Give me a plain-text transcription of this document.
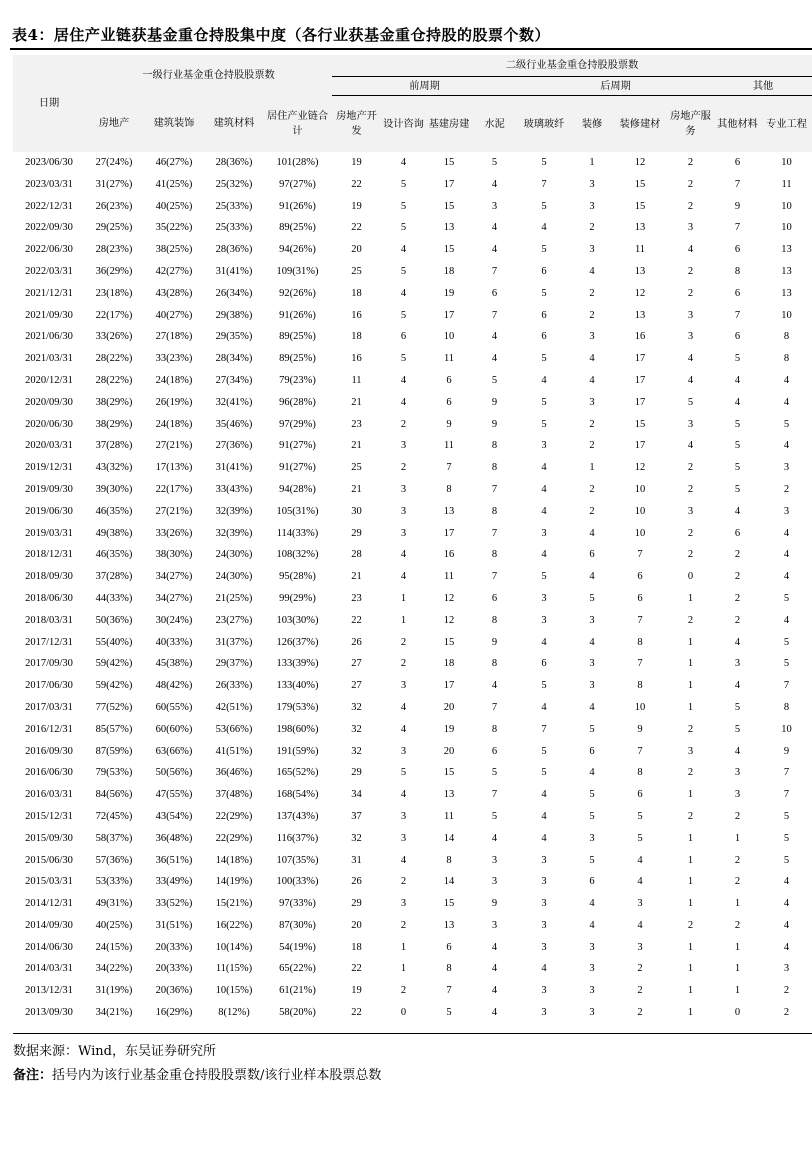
表4：居住产业链获基金重仓持股集中度（各行业获基金重仓持股的股票个数）
日期	一级行业基金重仓持股股票数				二级行业基金重仓持股股票数									
					前周期				后周期				其他	
	房地产	建筑装饰	建筑材料	居住产业链合计	房地产开发	设计咨询	基建房建	水泥	玻璃玻纤	装修	装修建材	房地产服务	其他材料	专业工程
2023/06/30	27(24%)	46(27%)	28(36%)	101(28%)	19	4	15	5	5	1	12	2	6	10
2023/03/31	31(27%)	41(25%)	25(32%)	97(27%)	22	5	17	4	7	3	15	2	7	11
2022/12/31	26(23%)	40(25%)	25(33%)	91(26%)	19	5	15	3	5	3	15	2	9	10
2022/09/30	29(25%)	35(22%)	25(33%)	89(25%)	22	5	13	4	4	2	13	3	7	10
2022/06/30	28(23%)	38(25%)	28(36%)	94(26%)	20	4	15	4	5	3	11	4	6	13
2022/03/31	36(29%)	42(27%)	31(41%)	109(31%)	25	5	18	7	6	4	13	2	8	13
2021/12/31	23(18%)	43(28%)	26(34%)	92(26%)	18	4	19	6	5	2	12	2	6	13
2021/09/30	22(17%)	40(27%)	29(38%)	91(26%)	16	5	17	7	6	2	13	3	7	10
2021/06/30	33(26%)	27(18%)	29(35%)	89(25%)	18	6	10	4	6	3	16	3	6	8
2021/03/31	28(22%)	33(23%)	28(34%)	89(25%)	16	5	11	4	5	4	17	4	5	8
2020/12/31	28(22%)	24(18%)	27(34%)	79(23%)	11	4	6	5	4	4	17	4	4	4
2020/09/30	38(29%)	26(19%)	32(41%)	96(28%)	21	4	6	9	5	3	17	5	4	4
2020/06/30	38(29%)	24(18%)	35(46%)	97(29%)	23	2	9	9	5	2	15	3	5	5
2020/03/31	37(28%)	27(21%)	27(36%)	91(27%)	21	3	11	8	3	2	17	4	5	4
2019/12/31	43(32%)	17(13%)	31(41%)	91(27%)	25	2	7	8	4	1	12	2	5	3
2019/09/30	39(30%)	22(17%)	33(43%)	94(28%)	21	3	8	7	4	2	10	2	5	2
2019/06/30	46(35%)	27(21%)	32(39%)	105(31%)	30	3	13	8	4	2	10	3	4	3
2019/03/31	49(38%)	33(26%)	32(39%)	114(33%)	29	3	17	7	3	4	10	2	6	4
2018/12/31	46(35%)	38(30%)	24(30%)	108(32%)	28	4	16	8	4	6	7	2	2	4
2018/09/30	37(28%)	34(27%)	24(30%)	95(28%)	21	4	11	7	5	4	6	0	2	4
2018/06/30	44(33%)	34(27%)	21(25%)	99(29%)	23	1	12	6	3	5	6	1	2	5
2018/03/31	50(36%)	30(24%)	23(27%)	103(30%)	22	1	12	8	3	3	7	2	2	4
2017/12/31	55(40%)	40(33%)	31(37%)	126(37%)	26	2	15	9	4	4	8	1	4	5
2017/09/30	59(42%)	45(38%)	29(37%)	133(39%)	27	2	18	8	6	3	7	1	3	5
2017/06/30	59(42%)	48(42%)	26(33%)	133(40%)	27	3	17	4	5	3	8	1	4	7
2017/03/31	77(52%)	60(55%)	42(51%)	179(53%)	32	4	20	7	4	4	10	1	5	8
2016/12/31	85(57%)	60(60%)	53(66%)	198(60%)	32	4	19	8	7	5	9	2	5	10
2016/09/30	87(59%)	63(66%)	41(51%)	191(59%)	32	3	20	6	5	6	7	3	4	9
2016/06/30	79(53%)	50(56%)	36(46%)	165(52%)	29	5	15	5	5	4	8	2	3	7
2016/03/31	84(56%)	47(55%)	37(48%)	168(54%)	34	4	13	7	4	5	6	1	3	7
2015/12/31	72(45%)	43(54%)	22(29%)	137(43%)	37	3	11	5	4	5	5	2	2	5
2015/09/30	58(37%)	36(48%)	22(29%)	116(37%)	32	3	14	4	4	3	5	1	1	5
2015/06/30	57(36%)	36(51%)	14(18%)	107(35%)	31	4	8	3	3	5	4	1	2	5
2015/03/31	53(33%)	33(49%)	14(19%)	100(33%)	26	2	14	3	3	6	4	1	2	4
2014/12/31	49(31%)	33(52%)	15(21%)	97(33%)	29	3	15	9	3	4	3	1	1	4
2014/09/30	40(25%)	31(51%)	16(22%)	87(30%)	20	2	13	3	3	4	4	2	2	4
2014/06/30	24(15%)	20(33%)	10(14%)	54(19%)	18	1	6	4	3	3	3	1	1	4
2014/03/31	34(22%)	20(33%)	11(15%)	65(22%)	22	1	8	4	4	3	2	1	1	3
2013/12/31	31(19%)	20(36%)	10(15%)	61(21%)	19	2	7	4	3	3	2	1	1	2
2013/09/30	34(21%)	16(29%)	8(12%)	58(20%)	22	0	5	4	3	3	2	1	0	2
数据来源：Wind，东吴证券研究所
备注：括号内为该行业基金重仓持股股票数/该行业样本股票总数
